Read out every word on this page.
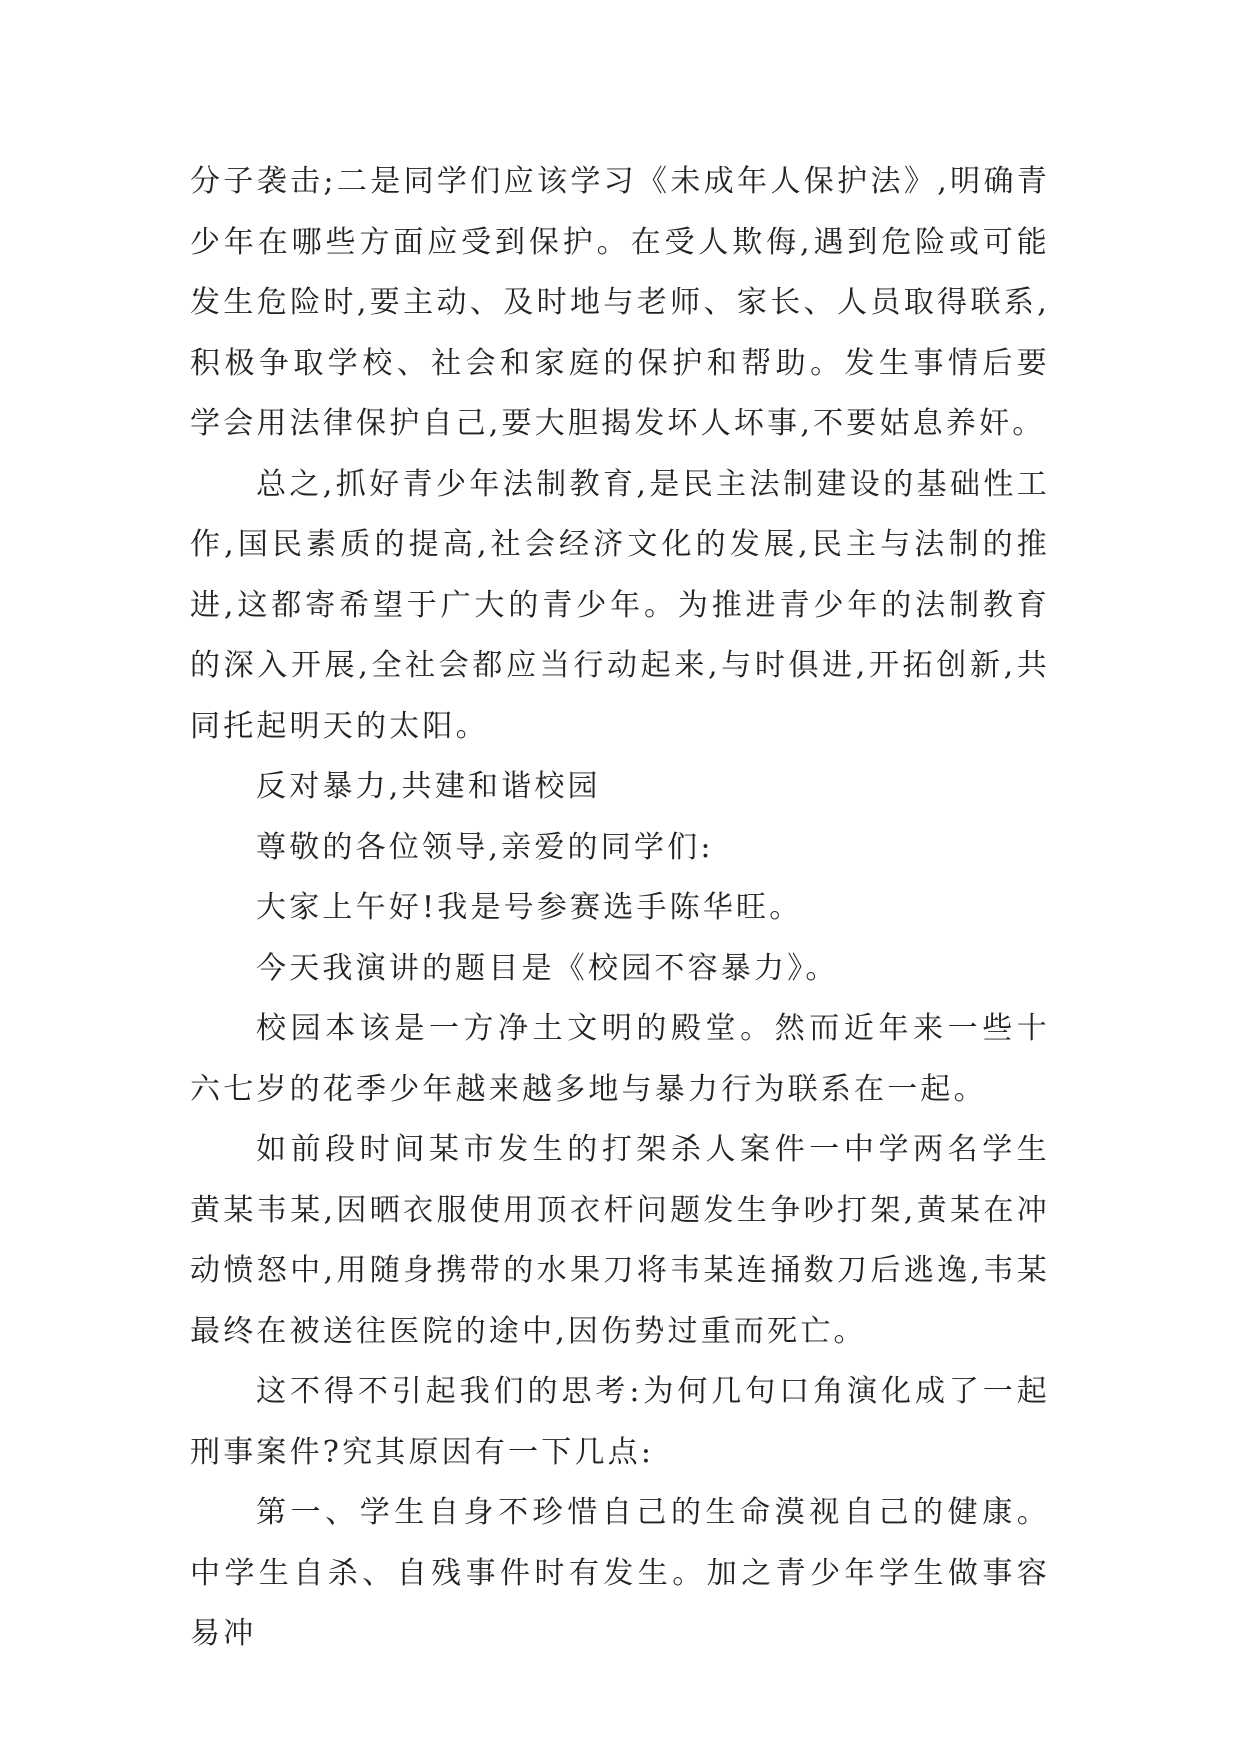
分子袭击;二是同学们应该学习《未成年人保护法》,明确青少年在哪些方面应受到保护。在受人欺侮,遇到危险或可能发生危险时,要主动、及时地与老师、家长、人员取得联系,积极争取学校、社会和家庭的保护和帮助。发生事情后要学会用法律保护自己,要大胆揭发坏人坏事,不要姑息养奸。

总之,抓好青少年法制教育,是民主法制建设的基础性工作,国民素质的提高,社会经济文化的发展,民主与法制的推进,这都寄希望于广大的青少年。为推进青少年的法制教育的深入开展,全社会都应当行动起来,与时俱进,开拓创新,共同托起明天的太阳。

反对暴力,共建和谐校园

尊敬的各位领导,亲爱的同学们:

大家上午好!我是号参赛选手陈华旺。

今天我演讲的题目是《校园不容暴力》。

校园本该是一方净土文明的殿堂。然而近年来一些十六七岁的花季少年越来越多地与暴力行为联系在一起。

如前段时间某市发生的打架杀人案件一中学两名学生黄某韦某,因晒衣服使用顶衣杆问题发生争吵打架,黄某在冲动愤怒中,用随身携带的水果刀将韦某连捅数刀后逃逸,韦某最终在被送往医院的途中,因伤势过重而死亡。

这不得不引起我们的思考:为何几句口角演化成了一起刑事案件?究其原因有一下几点:

第一、学生自身不珍惜自己的生命漠视自己的健康。中学生自杀、自残事件时有发生。加之青少年学生做事容易冲
